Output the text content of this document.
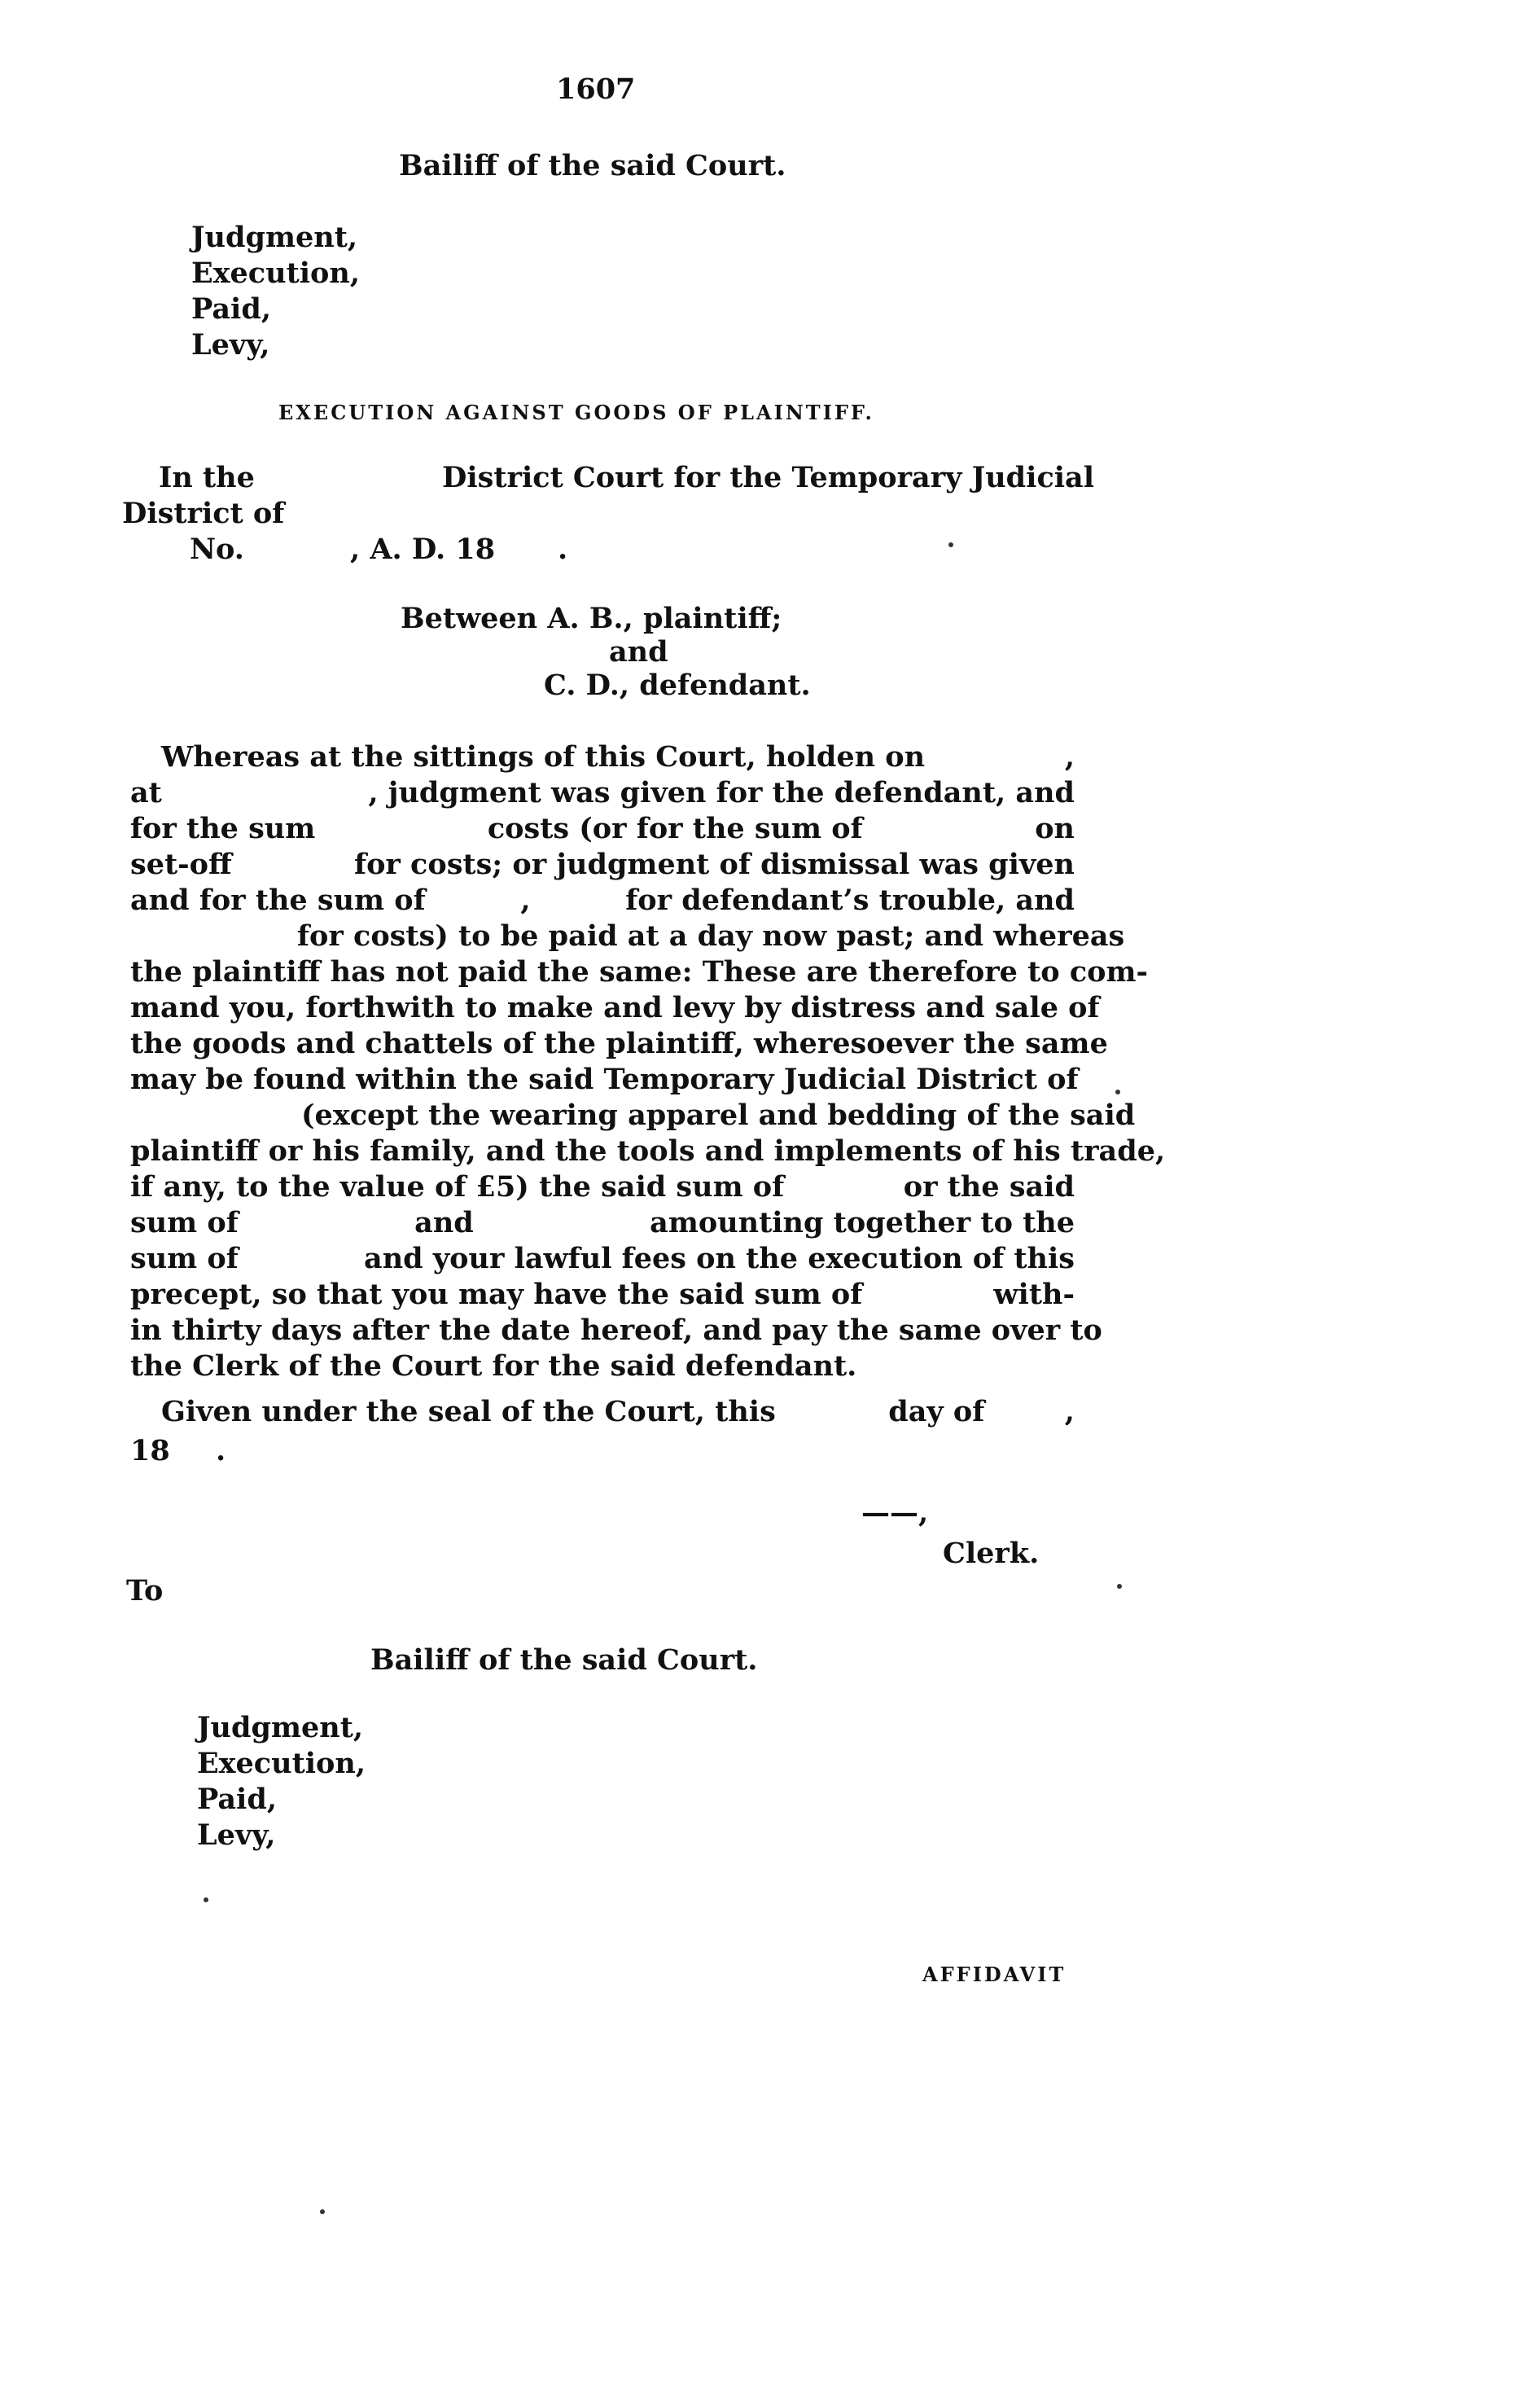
1607
Bailiff of the said Court.
Judgment,
Execution,
Paid,
Levy,
EXECUTION AGAINST GOODS OF PLAINTIFF.
In the	District Court for the Temporary Judicial
District of
No.	, A. D. 18 .
Between A. B., plaintiff;
and
C. D., defendant.
Whereas at the sittings of this Court, holden on	,
at	, judgment was given for the defendant, and
for the sum	costs (or for the sum of	on
set-off	for costs; or judgment of dismissal was given
and for the sum of	,	for defendant’s trouble, and
for costs) to be paid at a day now past; and whereas
the plaintiff has not paid the same: These are therefore to com-
mand you, forthwith to make and levy by distress and sale of
the goods and chattels of the plaintiff, wheresoever the same
may be found within the said Temporary Judicial District of
(except the wearing apparel and bedding of the said
plaintiff or his family, and the tools and implements of his trade,
if any, to the value of £5) the said sum of	or the said
sum of	and	amounting together to the
sum of	and your lawful fees on the execution of this
precept, so that you may have the said sum of	with-
in thirty days after the date hereof, and pay the same over to
the Clerk of the Court for the said defendant.
Given under the seal of the Court, this	day of	,
18 .
——,
Clerk.
To
Bailiff of the said Court.
Judgment,
Execution,
Paid,
Levy,
AFFIDAVIT
